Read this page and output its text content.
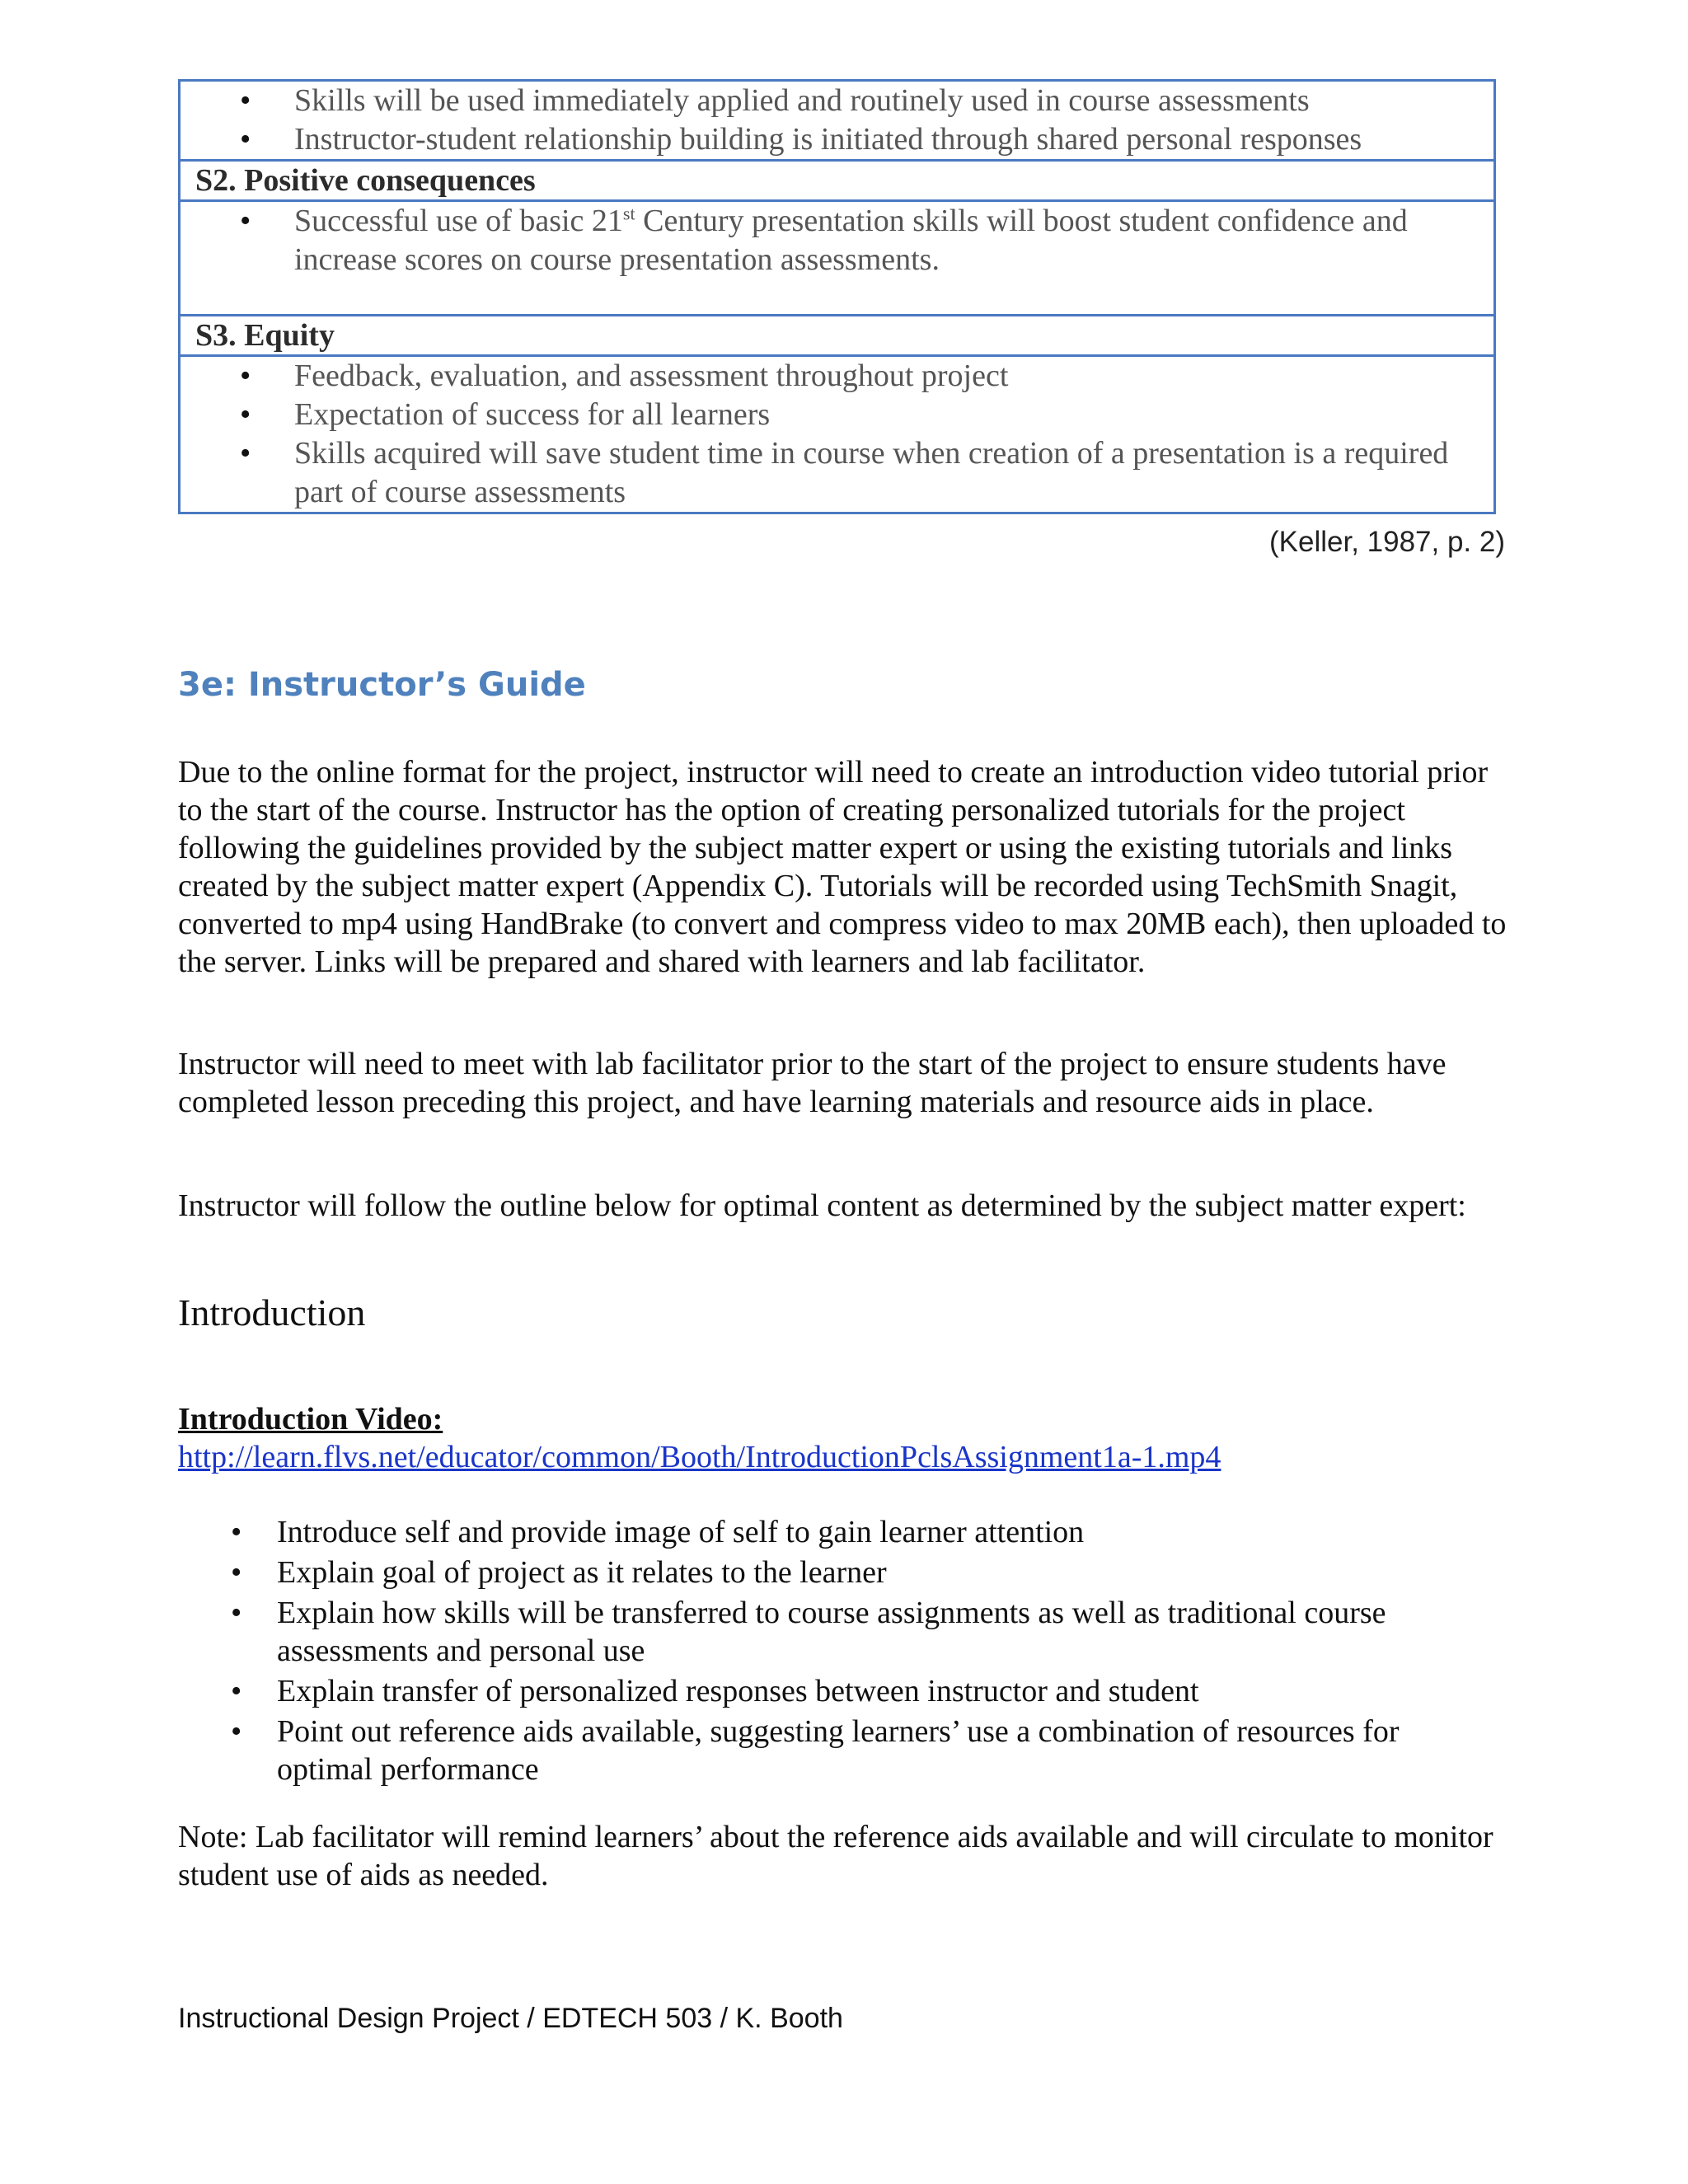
• Skills will be used immediately applied and routinely used in course assessments
• Instructor-student relationship building is initiated through shared personal responses

S2. Positive consequences

• Successful use of basic 21st Century presentation skills will boost student confidence and increase scores on course presentation assessments.

S3. Equity

• Feedback, evaluation, and assessment throughout project
• Expectation of success for all learners
• Skills acquired will save student time in course when creation of a presentation is a required part of course assessments
(Keller, 1987, p. 2)
3e: Instructor’s Guide

Due to the online format for the project, instructor will need to create an introduction video tutorial prior to the start of the course. Instructor has the option of creating personalized tutorials for the project following the guidelines provided by the subject matter expert or using the existing tutorials and links created by the subject matter expert (Appendix C). Tutorials will be recorded using TechSmith Snagit, converted to mp4 using HandBrake (to convert and compress video to max 20MB each), then uploaded to the server. Links will be prepared and shared with learners and lab facilitator.

Instructor will need to meet with lab facilitator prior to the start of the project to ensure students have completed lesson preceding this project, and have learning materials and resource aids in place.

Instructor will follow the outline below for optimal content as determined by the subject matter expert:

Introduction
Introduction Video:
http://learn.flvs.net/educator/common/Booth/IntroductionPclsAssignment1a-1.mp4
• Introduce self and provide image of self to gain learner attention
• Explain goal of project as it relates to the learner
• Explain how skills will be transferred to course assignments as well as traditional course assessments and personal use
• Explain transfer of personalized responses between instructor and student
• Point out reference aids available, suggesting learners’ use a combination of resources for optimal performance

Note: Lab facilitator will remind learners’ about the reference aids available and will circulate to monitor student use of aids as needed.

Instructional Design Project / EDTECH 503 / K. Booth
